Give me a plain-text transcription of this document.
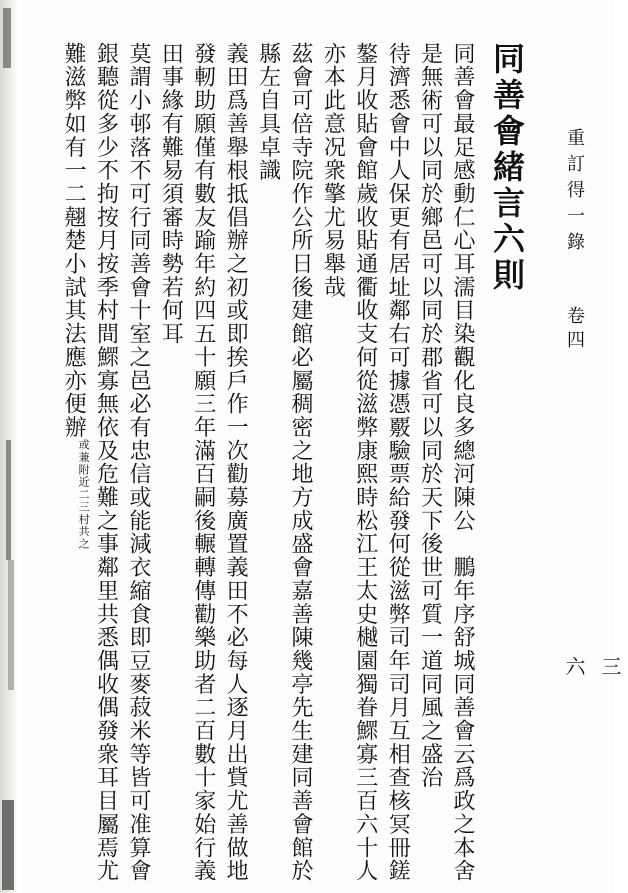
重訂得一錄
卷四
三六

同善會緒言六則

同善會最足感動仁心耳濡目染觀化良多總河陳公　鵬年序舒城同善會云爲政之本舍

是無術可以同於鄉邑可以同於郡省可以同於天下後世可質一道同風之盛治

待濟悉會中人保更有居址鄰右可據憑覈驗票給發何從滋弊司年司月互相查核冥冊鎈

鏊月收貼會館歲收貼通衢收支何從滋弊康熙時松江王太史樾園獨眷鰥寡三百六十人

亦本此意况衆擎尤易舉哉

茲會可倍寺院作公所日後建館必屬稠密之地方成盛會嘉善陳幾亭先生建同善會館於

縣左自具卓識

義田爲善舉根抵倡辦之初或即挨戶作一次勸募廣置義田不必每人逐月出貲尤善做地

發軔助願僅有數友踰年約四五十願三年滿百嗣後輾轉傳勸樂助者二百數十家始行義

田事緣有難易須審時勢若何耳

莫謂小邨落不可行同善會十室之邑必有忠信或能減衣縮食即豆麥菽米等皆可准算會

銀聽從多少不拘按月按季村間鰥寡無依及危難之事鄰里共悉偶收偶發衆耳目屬焉尤

難滋弊如有一二翹楚小試其法應亦便辦或兼附近二三村共之
